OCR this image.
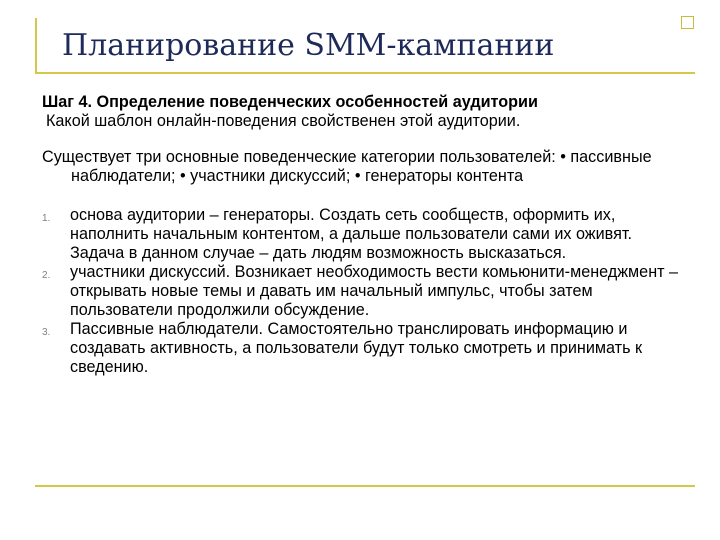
Планирование SMM-кампании
Шаг 4. Определение поведенческих особенностей аудитории
Какой шаблон онлайн-поведения свойственен этой аудитории.
Существует три основные поведенческие категории пользователей: • пассивные наблюдатели; • участники дискуссий; • генераторы контента
1. основа аудитории – генераторы. Создать сеть сообществ, оформить их, наполнить начальным контентом, а дальше пользователи сами их оживят. Задача в данном случае – дать людям возможность высказаться.
2. участники дискуссий. Возникает необходимость вести комьюнити-менеджмент – открывать новые темы и давать им начальный импульс, чтобы затем пользователи продолжили обсуждение.
3. Пассивные наблюдатели. Самостоятельно транслировать информацию и создавать активность, а пользователи будут только смотреть и принимать к сведению.
